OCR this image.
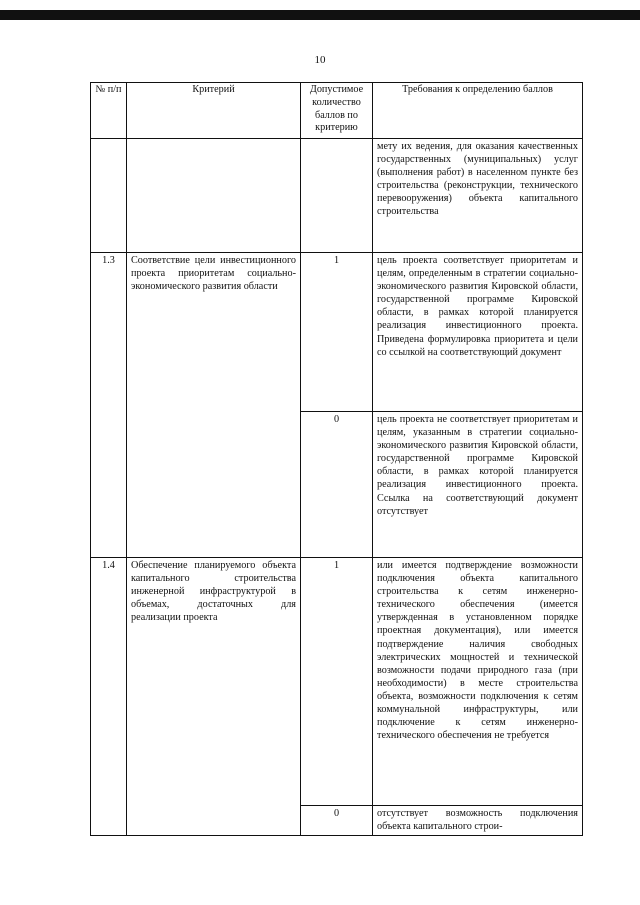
10
№ п/п	Критерий	Допустимое количество баллов по критерию	Требования к определению баллов
			мету их ведения, для оказания качественных государственных (муниципальных) услуг (выполнения работ) в населенном пункте без строительства (реконструкции, технического перевооружения) объекта капитального строительства
1.3	Соответствие цели инвестиционного проекта приоритетам социально-экономического развития области	1	цель проекта соответствует приоритетам и целям, определенным в стратегии социально-экономического развития Кировской области, государственной программе Кировской области, в рамках которой планируется реализация инвестиционного проекта. Приведена формулировка приоритета и цели со ссылкой на соответствующий документ
		0	цель проекта не соответствует приоритетам и целям, указанным в стратегии социально-экономического развития Кировской области, государственной программе Кировской области, в рамках которой планируется реализация инвестиционного проекта. Ссылка на соответствующий документ отсутствует
1.4	Обеспечение планируемого объекта капитального строительства инженерной инфраструктурой в объемах, достаточных для реализации проекта	1	или имеется подтверждение возможности подключения объекта капитального строительства к сетям инженерно-технического обеспечения (имеется утвержденная в установленном порядке проектная документация), или имеется подтверждение наличия свободных электрических мощностей и технической возможности подачи природного газа (при необходимости) в месте строительства объекта, возможности подключения к сетям коммунальной инфраструктуры, или подключение к сетям инженерно-технического обеспечения не требуется
		0	отсутствует возможность подключения объекта капитального строи-
